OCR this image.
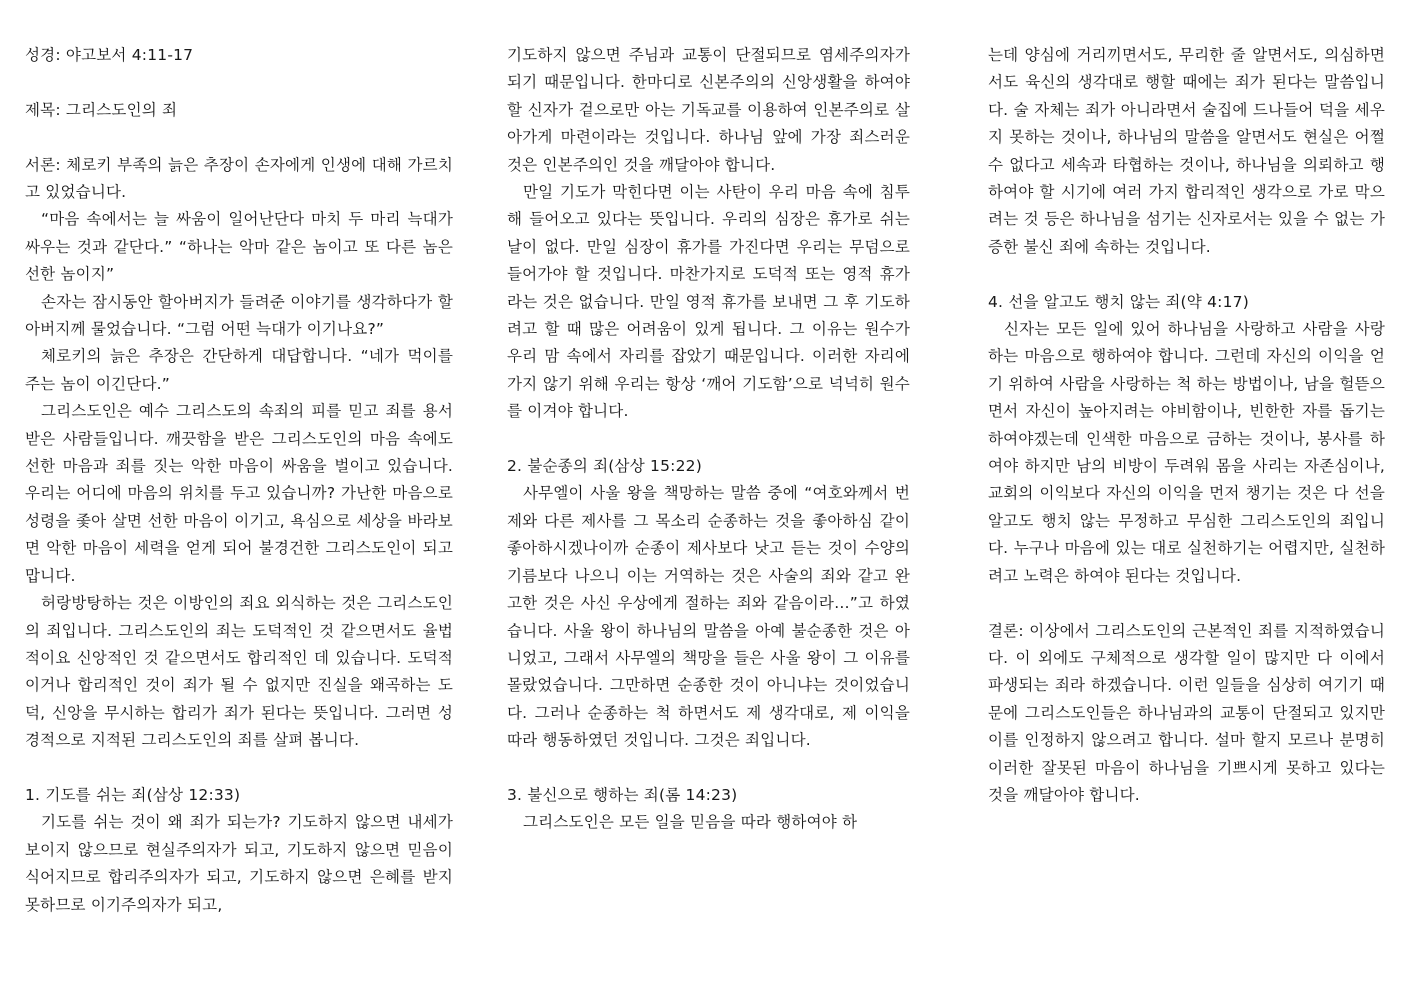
성경: 야고보서 4:11-17

제목: 그리스도인의 죄

서론: 체로키 부족의 늙은 추장이 손자에게 인생에 대해 가르치고 있었습니다.

“마음 속에서는 늘 싸움이 일어난단다 마치 두 마리 늑대가 싸우는 것과 같단다.” “하나는 악마 같은 놈이고 또 다른 놈은 선한 놈이지”

손자는 잠시동안 할아버지가 들려준 이야기를 생각하다가 할아버지께 물었습니다. “그럼 어떤 늑대가 이기나요?”

체로키의 늙은 추장은 간단하게 대답합니다. “네가 먹이를 주는 놈이 이긴단다.”

그리스도인은 예수 그리스도의 속죄의 피를 믿고 죄를 용서받은 사람들입니다. 깨끗함을 받은 그리스도인의 마음 속에도 선한 마음과 죄를 짓는 악한 마음이 싸움을 벌이고 있습니다. 우리는 어디에 마음의 위치를 두고 있습니까? 가난한 마음으로 성령을 좇아 살면 선한 마음이 이기고, 욕심으로 세상을 바라보면 악한 마음이 세력을 얻게 되어 불경건한 그리스도인이 되고 맙니다.

허랑방탕하는 것은 이방인의 죄요 외식하는 것은 그리스도인의 죄입니다. 그리스도인의 죄는 도덕적인 것 같으면서도 율법적이요 신앙적인 것 같으면서도 합리적인 데 있습니다. 도덕적이거나 합리적인 것이 죄가 될 수 없지만 진실을 왜곡하는 도덕, 신앙을 무시하는 합리가 죄가 된다는 뜻입니다. 그러면 성경적으로 지적된 그리스도인의 죄를 살펴 봅니다.

1. 기도를 쉬는 죄(삼상 12:33)

기도를 쉬는 것이 왜 죄가 되는가? 기도하지 않으면 내세가 보이지 않으므로 현실주의자가 되고, 기도하지 않으면 믿음이 식어지므로 합리주의자가 되고, 기도하지 않으면 은혜를 받지 못하므로 이기주의자가 되고,

기도하지 않으면 주님과 교통이 단절되므로 염세주의자가 되기 때문입니다. 한마디로 신본주의의 신앙생활을 하여야 할 신자가 겉으로만 아는 기독교를 이용하여 인본주의로 살아가게 마련이라는 것입니다. 하나님 앞에 가장 죄스러운 것은 인본주의인 것을 깨달아야 합니다.

만일 기도가 막힌다면 이는 사탄이 우리 마음 속에 침투해 들어오고 있다는 뜻입니다. 우리의 심장은 휴가로 쉬는 날이 없다. 만일 심장이 휴가를 가진다면 우리는 무덤으로 들어가야 할 것입니다. 마찬가지로 도덕적 또는 영적 휴가라는 것은 없습니다. 만일 영적 휴가를 보내면 그 후 기도하려고 할 때 많은 어려움이 있게 됩니다. 그 이유는 원수가 우리 맘 속에서 자리를 잡았기 때문입니다. 이러한 자리에 가지 않기 위해 우리는 항상 ‘깨어 기도함’으로 넉넉히 원수를 이겨야 합니다.

2. 불순종의 죄(삼상 15:22)

사무엘이 사울 왕을 책망하는 말씀 중에 “여호와께서 번제와 다른 제사를 그 목소리 순종하는 것을 좋아하심 같이 좋아하시겠나이까 순종이 제사보다 낫고 듣는 것이 수양의 기름보다 나으니 이는 거역하는 것은 사술의 죄와 같고 완고한 것은 사신 우상에게 절하는 죄와 같음이라…”고 하였습니다. 사울 왕이 하나님의 말씀을 아예 불순종한 것은 아니었고, 그래서 사무엘의 책망을 들은 사울 왕이 그 이유를 몰랐었습니다. 그만하면 순종한 것이 아니냐는 것이었습니다. 그러나 순종하는 척 하면서도 제 생각대로, 제 이익을 따라 행동하였던 것입니다. 그것은 죄입니다.

3. 불신으로 행하는 죄(롬 14:23)

그리스도인은 모든 일을 믿음을 따라 행하여야 하

는데 양심에 거리끼면서도, 무리한 줄 알면서도, 의심하면서도 육신의 생각대로 행할 때에는 죄가 된다는 말씀입니다. 술 자체는 죄가 아니라면서 술집에 드나들어 덕을 세우지 못하는 것이나, 하나님의 말씀을 알면서도 현실은 어쩔 수 없다고 세속과 타협하는 것이나, 하나님을 의뢰하고 행하여야 할 시기에 여러 가지 합리적인 생각으로 가로 막으려는 것 등은 하나님을 섬기는 신자로서는 있을 수 없는 가증한 불신 죄에 속하는 것입니다.

4. 선을 알고도 행치 않는 죄(약 4:17)

신자는 모든 일에 있어 하나님을 사랑하고 사람을 사랑하는 마음으로 행하여야 합니다. 그런데 자신의 이익을 얻기 위하여 사람을 사랑하는 척 하는 방법이나, 남을 헐뜯으면서 자신이 높아지려는 야비함이나, 빈한한 자를 돕기는 하여야겠는데 인색한 마음으로 금하는 것이나, 봉사를 하여야 하지만 남의 비방이 두려워 몸을 사리는 자존심이나, 교회의 이익보다 자신의 이익을 먼저 챙기는 것은 다 선을 알고도 행치 않는 무정하고 무심한 그리스도인의 죄입니다. 누구나 마음에 있는 대로 실천하기는 어렵지만, 실천하려고 노력은 하여야 된다는 것입니다.

결론: 이상에서 그리스도인의 근본적인 죄를 지적하였습니다. 이 외에도 구체적으로 생각할 일이 많지만 다 이에서 파생되는 죄라 하겠습니다. 이런 일들을 심상히 여기기 때문에 그리스도인들은 하나님과의 교통이 단절되고 있지만 이를 인정하지 않으려고 합니다. 설마 할지 모르나 분명히 이러한 잘못된 마음이 하나님을 기쁘시게 못하고 있다는 것을 깨달아야 합니다.
